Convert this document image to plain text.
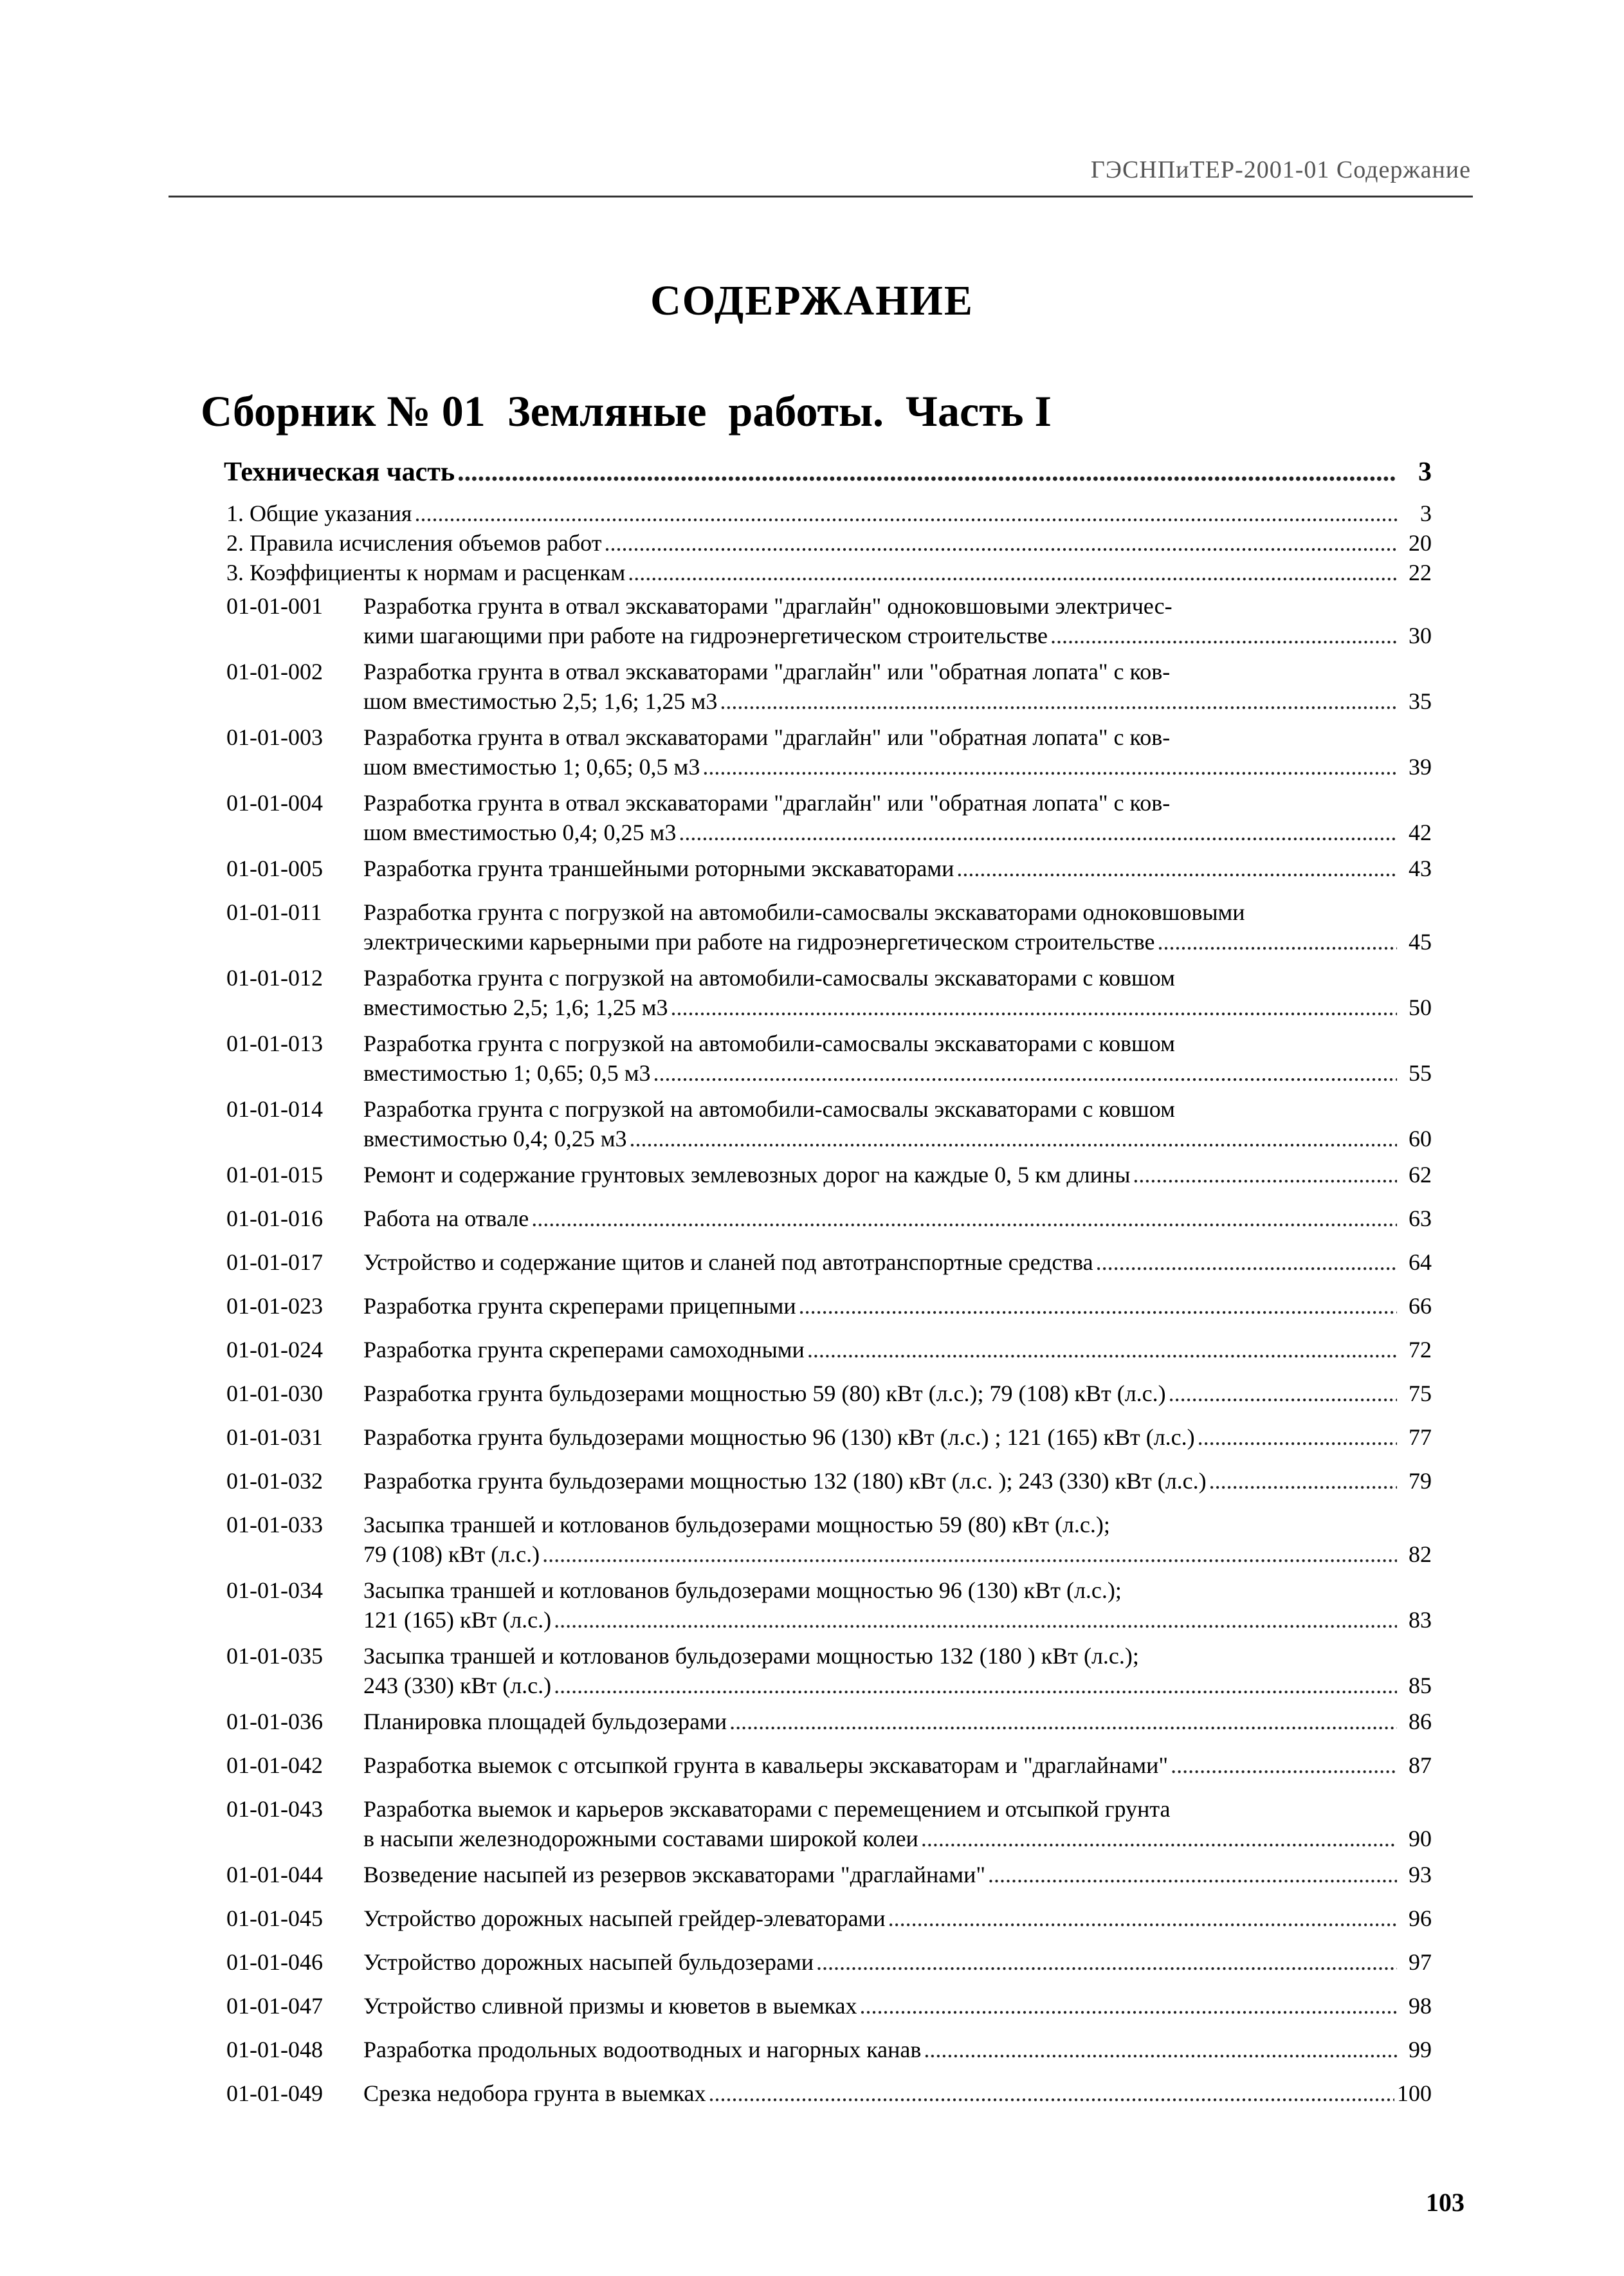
ГЭСНПиТЕР-2001-01 Содержание
СОДЕРЖАНИЕ
Сборник № 01  Земляные  работы.  Часть I
Техническая часть .....	3
1. Общие указания .....	3
2. Правила исчисления объемов работ .....	20
3. Коэффициенты к нормам и расценкам .....	22
01-01-001 Разработка грунта в отвал экскаваторами "драглайн" одноковшовыми электричес-
кими шагающими при работе на гидроэнергетическом строительстве .....	30
01-01-002 Разработка грунта в отвал экскаваторами "драглайн" или "обратная лопата" с ков-
шом вместимостью 2,5; 1,6; 1,25 м3 .....	35
01-01-003 Разработка грунта в отвал экскаваторами "драглайн" или "обратная лопата" с ков-
шом вместимостью 1; 0,65; 0,5 м3 .....	39
01-01-004 Разработка грунта в отвал экскаваторами "драглайн" или "обратная лопата" с ков-
шом вместимостью 0,4; 0,25 м3 .....	42
01-01-005 Разработка грунта траншейными роторными экскаваторами .....	43
01-01-011 Разработка грунта с погрузкой на автомобили-самосвалы экскаваторами одноковшовыми
электрическими карьерными при работе на гидроэнергетическом строительстве .....	45
01-01-012 Разработка грунта с погрузкой на автомобили-самосвалы экскаваторами с ковшом
вместимостью 2,5; 1,6; 1,25 м3 .....	50
01-01-013 Разработка грунта с погрузкой на автомобили-самосвалы экскаваторами с ковшом
вместимостью 1; 0,65; 0,5 м3 .....	55
01-01-014 Разработка грунта с погрузкой на автомобили-самосвалы экскаваторами с ковшом
вместимостью 0,4; 0,25 м3 .....	60
01-01-015 Ремонт и содержание грунтовых землевозных дорог на каждые 0, 5 км длины .....	62
01-01-016 Работа на отвале .....	63
01-01-017 Устройство и содержание щитов и сланей под автотранспортные средства .....	64
01-01-023 Разработка грунта скреперами прицепными .....	66
01-01-024 Разработка грунта скреперами самоходными .....	72
01-01-030 Разработка грунта бульдозерами мощностью 59 (80) кВт (л.с.); 79 (108) кВт (л.с.) .....	75
01-01-031 Разработка грунта бульдозерами мощностью 96 (130) кВт (л.с.) ; 121 (165) кВт (л.с.) .....	77
01-01-032 Разработка грунта бульдозерами мощностью 132 (180) кВт (л.с. ); 243 (330) кВт (л.с.) .....	79
01-01-033 Засыпка траншей и котлованов бульдозерами мощностью 59 (80) кВт (л.с.);
79 (108) кВт (л.с.) .....	82
01-01-034 Засыпка траншей и котлованов бульдозерами мощностью 96 (130) кВт (л.с.);
121 (165) кВт (л.с.) .....	83
01-01-035 Засыпка траншей и котлованов бульдозерами мощностью 132 (180 ) кВт (л.с.);
243 (330) кВт (л.с.) .....	85
01-01-036 Планировка площадей бульдозерами .....	86
01-01-042 Разработка выемок с отсыпкой грунта в кавальеры экскаваторам и "драглайнами" .....	87
01-01-043 Разработка выемок и карьеров экскаваторами с перемещением и отсыпкой грунта
в насыпи железнодорожными составами широкой колеи .....	90
01-01-044 Возведение насыпей из резервов экскаваторами "драглайнами" .....	93
01-01-045 Устройство дорожных насыпей грейдер-элеваторами .....	96
01-01-046 Устройство дорожных насыпей бульдозерами .....	97
01-01-047 Устройство сливной призмы и кюветов в выемках .....	98
01-01-048 Разработка продольных водоотводных и нагорных канав .....	99
01-01-049 Срезка недобора грунта в выемках .....	100
103
